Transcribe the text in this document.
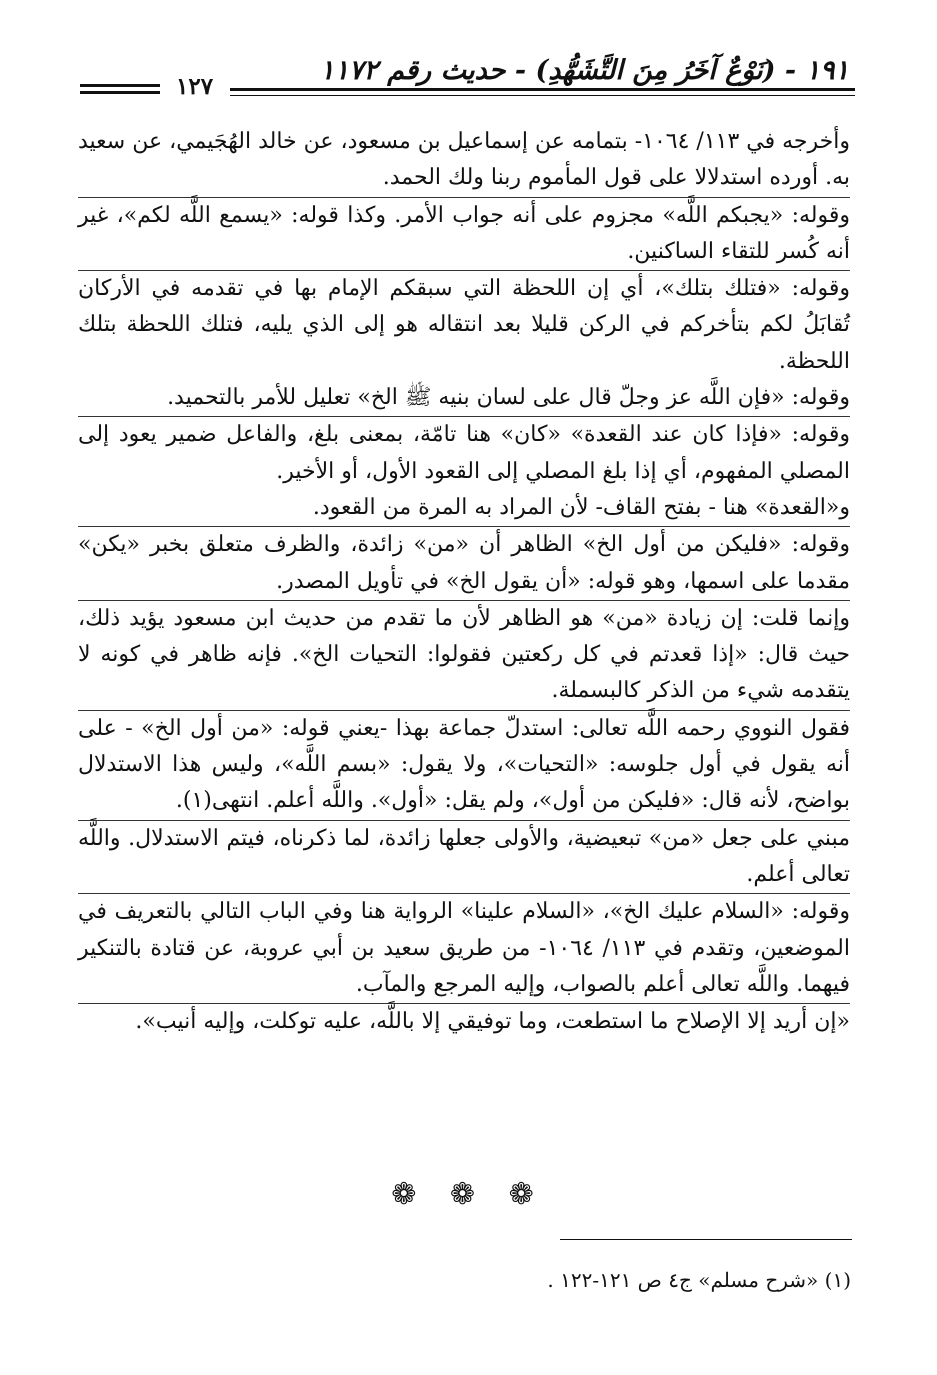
١٩١ - (نَوْعٌ آخَرُ مِنَ التَّشَهُّدِ) - حديث رقم ١١٧٢
١٢٧

وأخرجه في ١١٣/ ١٠٦٤- بتمامه عن إسماعيل بن مسعود، عن خالد الهُجَيمي، عن سعيد به. أورده استدلالا على قول المأموم ربنا ولك الحمد.

وقوله: «يجبكم اللَّه» مجزوم على أنه جواب الأمر. وكذا قوله: «يسمع اللَّه لكم»، غير أنه كُسر للتقاء الساكنين.

وقوله: «فتلك بتلك»، أي إن اللحظة التي سبقكم الإمام بها في تقدمه في الأركان تُقابَلُ لكم بتأخركم في الركن قليلا بعد انتقاله هو إلى الذي يليه، فتلك اللحظة بتلك اللحظة.

وقوله: «فإن اللَّه عز وجلّ قال على لسان بنيه ﷺ الخ» تعليل للأمر بالتحميد.

وقوله: «فإذا كان عند القعدة» «كان» هنا تامّة، بمعنى بلغ، والفاعل ضمير يعود إلى المصلي المفهوم، أي إذا بلغ المصلي إلى القعود الأول، أو الأخير.

و«القعدة» هنا - بفتح القاف- لأن المراد به المرة من القعود.

وقوله: «فليكن من أول الخ» الظاهر أن «من» زائدة، والظرف متعلق بخبر «يكن» مقدما على اسمها، وهو قوله: «أن يقول الخ» في تأويل المصدر.

وإنما قلت: إن زيادة «من» هو الظاهر لأن ما تقدم من حديث ابن مسعود يؤيد ذلك، حيث قال: «إذا قعدتم في كل ركعتين فقولوا: التحيات الخ». فإنه ظاهر في كونه لا يتقدمه شيء من الذكر كالبسملة.

فقول النووي رحمه اللَّه تعالى: استدلّ جماعة بهذا -يعني قوله: «من أول الخ» - على أنه يقول في أول جلوسه: «التحيات»، ولا يقول: «بسم اللَّه»، وليس هذا الاستدلال بواضح، لأنه قال: «فليكن من أول»، ولم يقل: «أول». واللَّه أعلم. انتهى(١).

مبني على جعل «من» تبعيضية، والأولى جعلها زائدة، لما ذكرناه، فيتم الاستدلال. واللَّه تعالى أعلم.

وقوله: «السلام عليك الخ»، «السلام علينا» الرواية هنا وفي الباب التالي بالتعريف في الموضعين، وتقدم في ١١٣/ ١٠٦٤- من طريق سعيد بن أبي عروبة، عن قتادة بالتنكير فيهما. واللَّه تعالى أعلم بالصواب، وإليه المرجع والمآب.

«إن أريد إلا الإصلاح ما استطعت، وما توفيقي إلا باللَّه، عليه توكلت، وإليه أنيب».

❁ ❁ ❁
(١) «شرح مسلم» ج٤ ص ١٢١-١٢٢ .
